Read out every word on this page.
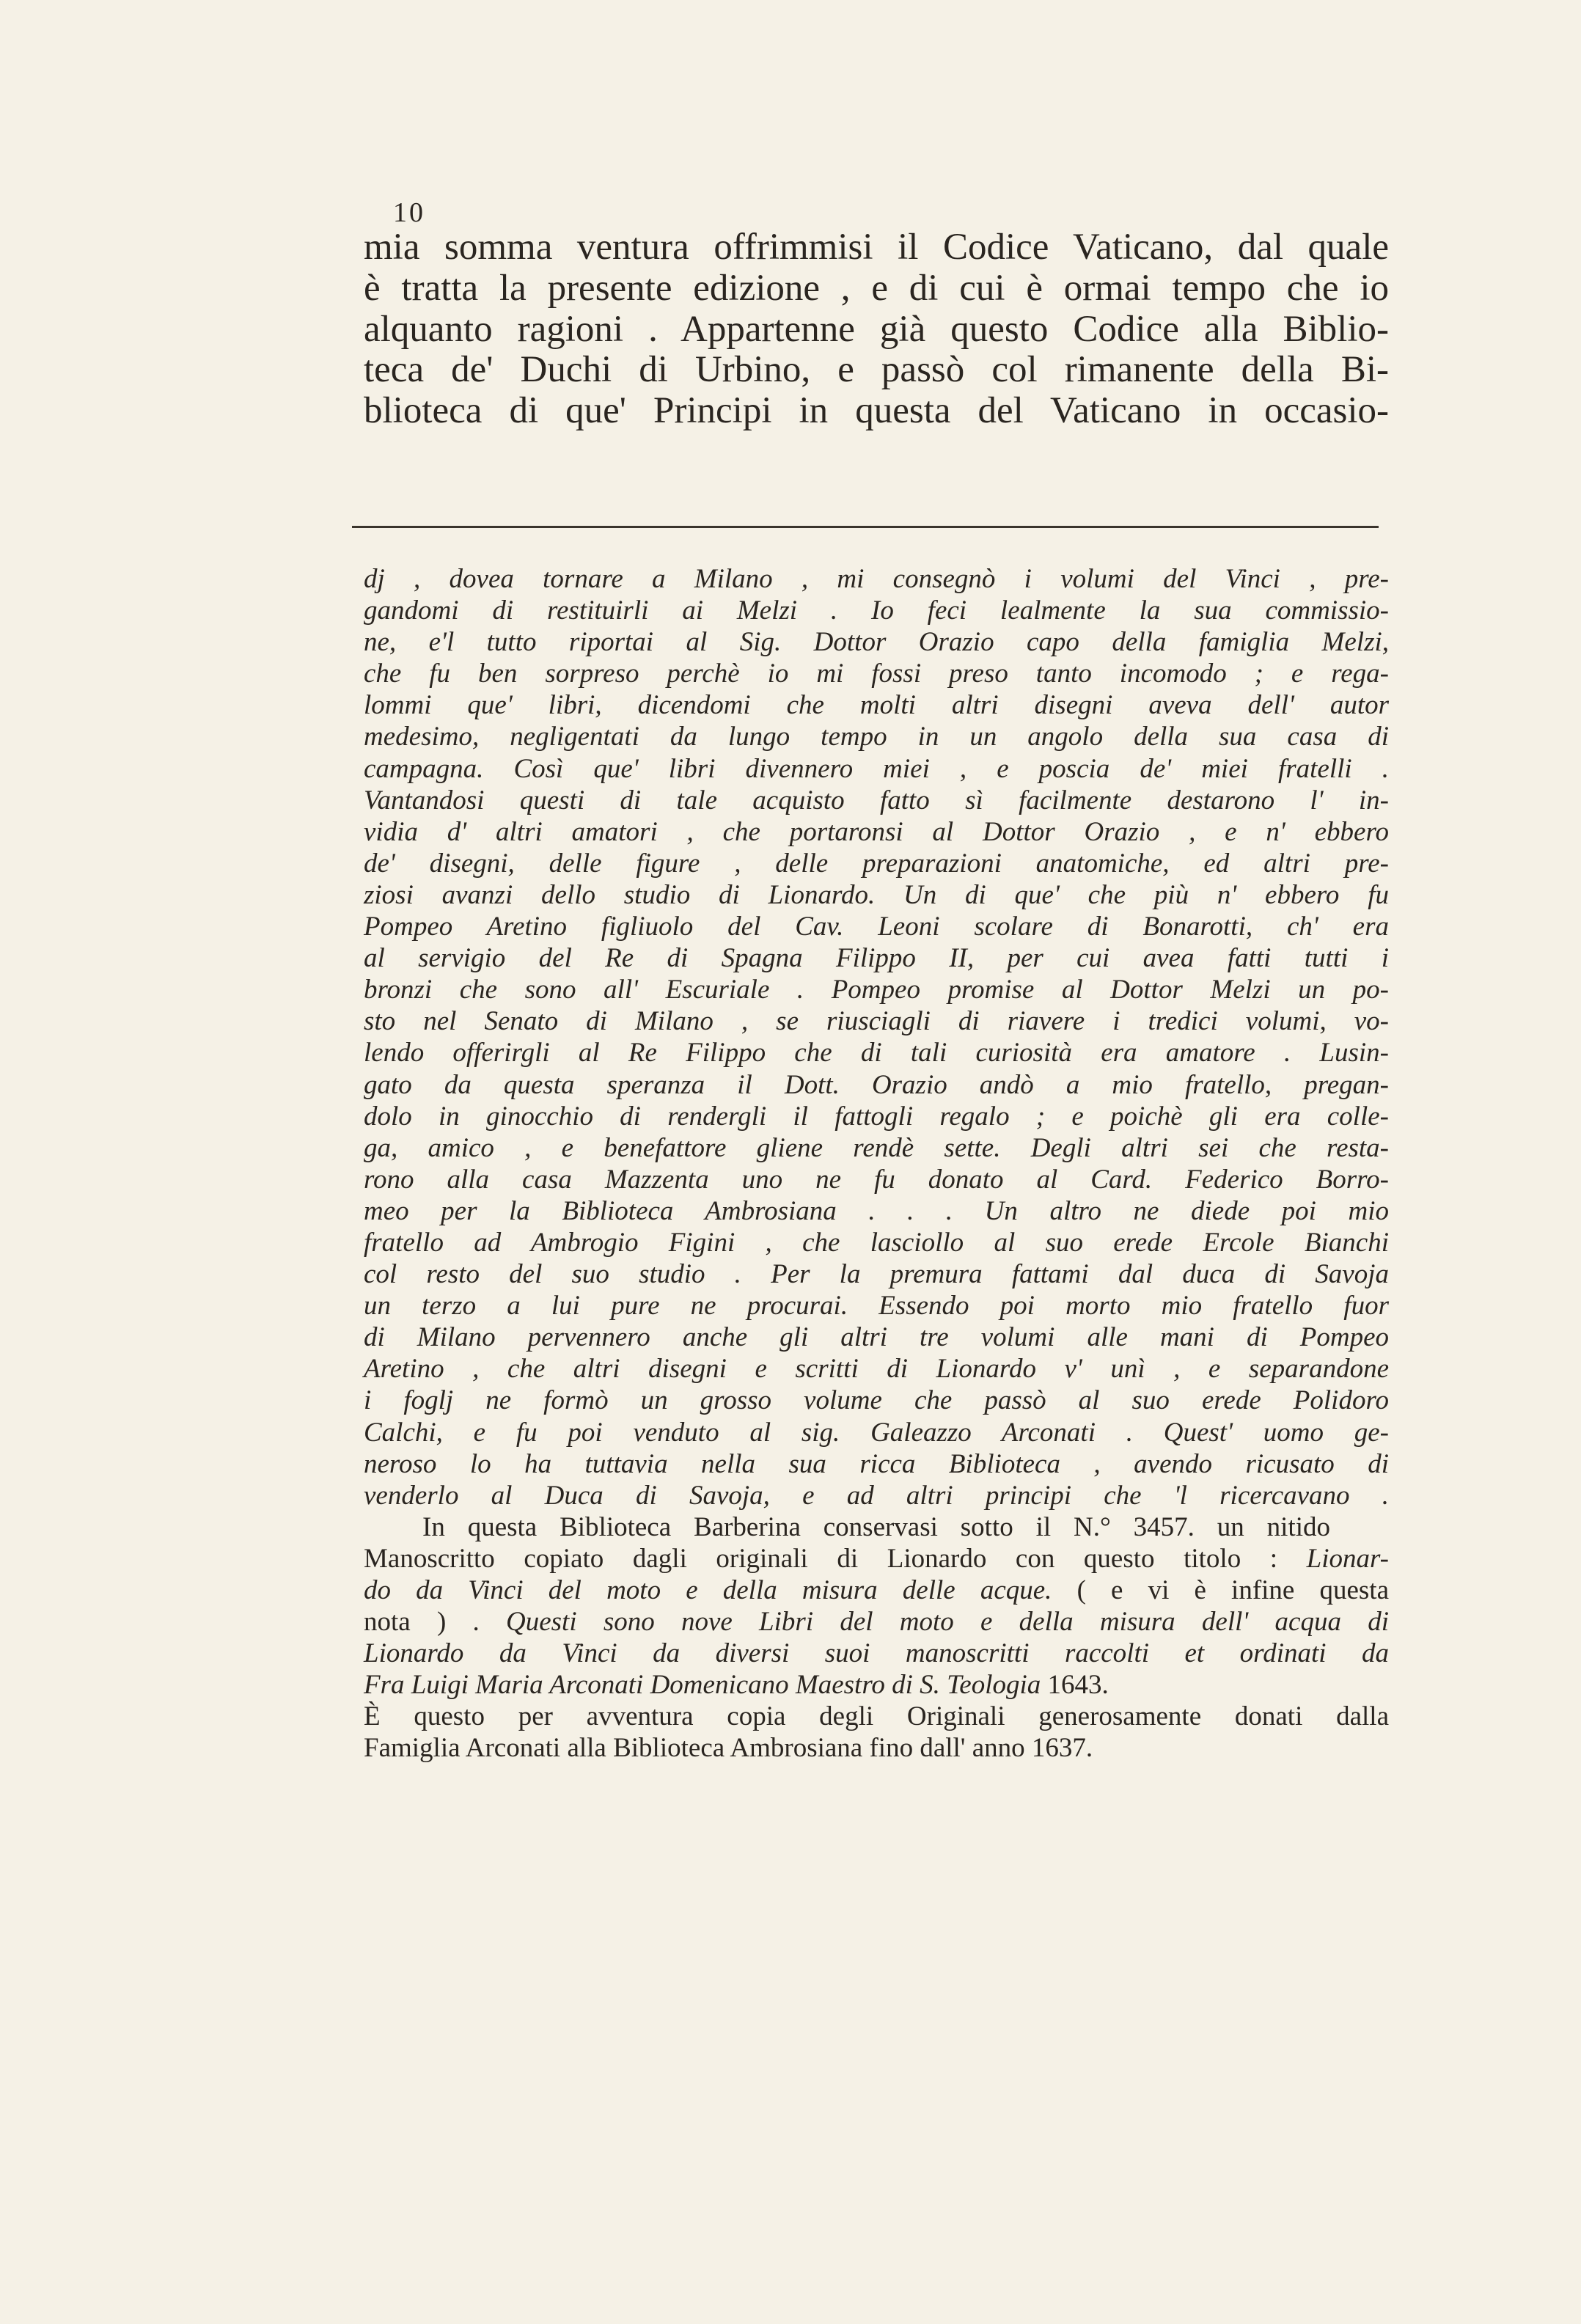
10
mia somma ventura offrimmisi il Codice Vaticano, dal quale
è tratta la presente edizione , e di cui è ormai tempo che io
alquanto ragioni . Appartenne già questo Codice alla Biblio-
teca de' Duchi di Urbino, e passò col rimanente della Bi-
blioteca di que' Principi in questa del Vaticano in occasio-
dj , dovea tornare a Milano , mi consegnò i volumi del Vinci , pre-
gandomi di restituirli ai Melzi . Io feci lealmente la sua commissio-
ne, e'l tutto riportai al Sig. Dottor Orazio capo della famiglia Melzi,
che fu ben sorpreso perchè io mi fossi preso tanto incomodo ; e rega-
lommi que' libri, dicendomi che molti altri disegni aveva dell' autor
medesimo, negligentati da lungo tempo in un angolo della sua casa di
campagna. Così que' libri divennero miei , e poscia de' miei fratelli .
Vantandosi questi di tale acquisto fatto sì facilmente destarono l' in-
vidia d' altri amatori , che portaronsi al Dottor Orazio , e n' ebbero
de' disegni, delle figure , delle preparazioni anatomiche, ed altri pre-
ziosi avanzi dello studio di Lionardo. Un di que' che più n' ebbero fu
Pompeo Aretino figliuolo del Cav. Leoni scolare di Bonarotti, ch' era
al servigio del Re di Spagna Filippo II, per cui avea fatti tutti i
bronzi che sono all' Escuriale . Pompeo promise al Dottor Melzi un po-
sto nel Senato di Milano , se riusciagli di riavere i tredici volumi, vo-
lendo offerirgli al Re Filippo che di tali curiosità era amatore . Lusin-
gato da questa speranza il Dott. Orazio andò a mio fratello, pregan-
dolo in ginocchio di rendergli il fattogli regalo ; e poichè gli era colle-
ga, amico , e benefattore gliene rendè sette. Degli altri sei che resta-
rono alla casa Mazzenta uno ne fu donato al Card. Federico Borro-
meo per la Biblioteca Ambrosiana . . . Un altro ne diede poi mio
fratello ad Ambrogio Figini , che lasciollo al suo erede Ercole Bianchi
col resto del suo studio . Per la premura fattami dal duca di Savoja
un terzo a lui pure ne procurai. Essendo poi morto mio fratello fuor
di Milano pervennero anche gli altri tre volumi alle mani di Pompeo
Aretino , che altri disegni e scritti di Lionardo v' unì , e separandone
i foglj ne formò un grosso volume che passò al suo erede Polidoro
Calchi, e fu poi venduto al sig. Galeazzo Arconati . Quest' uomo ge-
neroso lo ha tuttavia nella sua ricca Biblioteca , avendo ricusato di
venderlo al Duca di Savoja, e ad altri principi che 'l ricercavano .
In questa Biblioteca Barberina conservasi sotto il N.° 3457. un nitido
Manoscritto copiato dagli originali di Lionardo con questo titolo : Lionar-
do da Vinci del moto e della misura delle acque. ( e vi è infine questa
nota ) . Questi sono nove Libri del moto e della misura dell' acqua di
Lionardo da Vinci da diversi suoi manoscritti raccolti et ordinati da
Fra Luigi Maria Arconati Domenicano Maestro di S. Teologia 1643.
È questo per avventura copia degli Originali generosamente donati dalla
Famiglia Arconati alla Biblioteca Ambrosiana fino dall' anno 1637.
